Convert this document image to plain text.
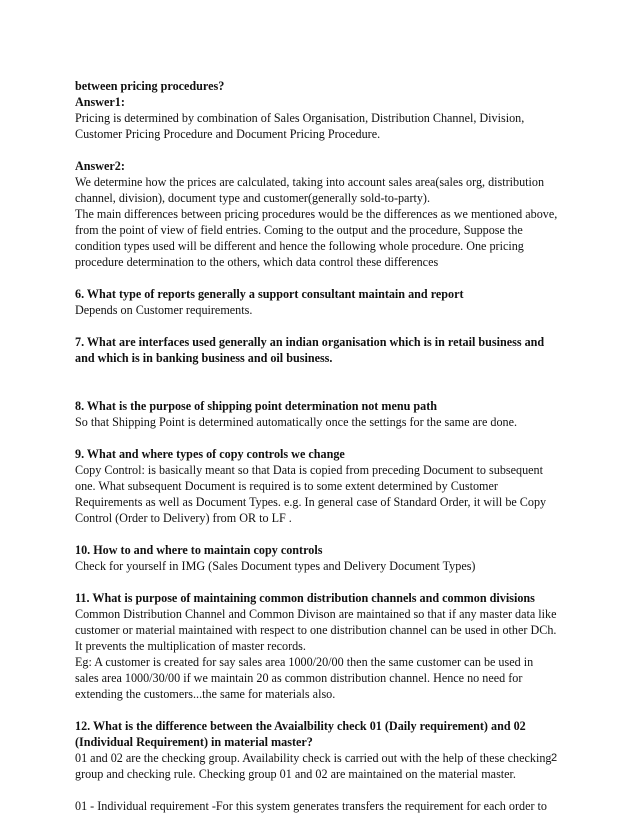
between pricing procedures?
Answer1:
Pricing is determined by combination of Sales Organisation, Distribution Channel, Division,
Customer Pricing Procedure and Document Pricing Procedure.
Answer2:
We determine how the prices are calculated, taking into account sales area(sales org, distribution
channel, division), document type and customer(generally sold-to-party).
The main differences between pricing procedures would be the differences as we mentioned above,
from the point of view of field entries. Coming to the output and the procedure, Suppose the
condition types used will be different and hence the following whole procedure. One pricing
procedure determination to the others, which data control these differences
6. What type of reports generally a support consultant maintain and report
Depends on Customer requirements.
7. What are interfaces used generally an indian organisation which is in retail business and
and which is in banking business and oil business.
8. What is the purpose of shipping point determination not menu path
So that Shipping Point is determined automatically once the settings for the same are done.
9. What and where types of copy controls we change
Copy Control: is basically meant so that Data is copied from preceding Document to subsequent
one. What subsequent Document is required is to some extent determined by Customer
Requirements as well as Document Types. e.g. In general case of Standard Order, it will be Copy
Control (Order to Delivery) from OR to LF .
10. How to and where to maintain copy controls
Check for yourself in IMG (Sales Document types and Delivery Document Types)
11. What is purpose of maintaining common distribution channels and common divisions
Common Distribution Channel and Common Divison are maintained so that if any master data like
customer or material maintained with respect to one distribution channel can be used in other DCh.
It prevents the multiplication of master records.
Eg: A customer is created for say sales area 1000/20/00 then the same customer can be used in
sales area 1000/30/00 if we maintain 20 as common distribution channel. Hence no need for
extending the customers...the same for materials also.
12. What is the difference between the Avaialbility check 01 (Daily requirement) and 02
(Individual Requirement) in material master?
01 and 02 are the checking group. Availability check is carried out with the help of these checking
group and checking rule. Checking group 01 and 02 are maintained on the material master.
01 - Individual requirement -For this system generates transfers the requirement for each order to
2
